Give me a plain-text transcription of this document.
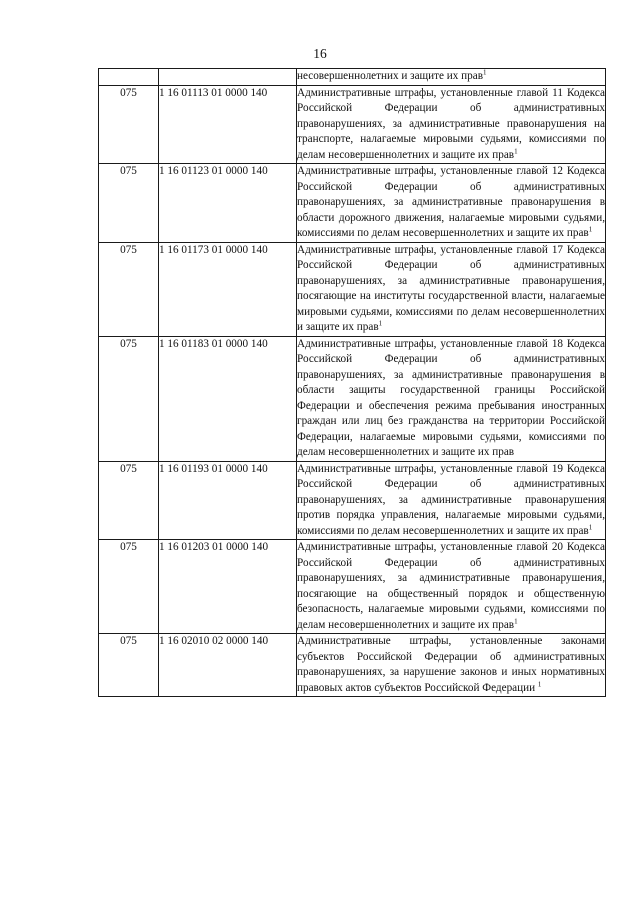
16
		несовершеннолетних и защите их прав$^1$
075	1 16 01113 01 0000 140	Административные штрафы, установленные главой 11 Кодекса Российской Федерации об административных правонарушениях, за административные правонарушения на транспорте, налагаемые мировыми судьями, комиссиями по делам несовершеннолетних и защите их прав$^1$
075	1 16 01123 01 0000 140	Административные штрафы, установленные главой 12 Кодекса Российской Федерации об административных правонарушениях, за административные правонарушения в области дорожного движения, налагаемые мировыми судьями, комиссиями по делам несовершеннолетних и защите их прав$^1$
075	1 16 01173 01 0000 140	Административные штрафы, установленные главой 17 Кодекса Российской Федерации об административных правонарушениях, за административные правонарушения, посягающие на институты государственной власти, налагаемые мировыми судьями, комиссиями по делам несовершеннолетних и защите их прав$^1$
075	1 16 01183 01 0000 140	Административные штрафы, установленные главой 18 Кодекса Российской Федерации об административных правонарушениях, за административные правонарушения в области защиты государственной границы Российской Федерации и обеспечения режима пребывания иностранных граждан или лиц без гражданства на территории Российской Федерации, налагаемые мировыми судьями, комиссиями по делам несовершеннолетних и защите их прав
075	1 16 01193 01 0000 140	Административные штрафы, установленные главой 19 Кодекса Российской Федерации об административных правонарушениях, за административные правонарушения против порядка управления, налагаемые мировыми судьями, комиссиями по делам несовершеннолетних и защите их прав$^1$
075	1 16 01203 01 0000 140	Административные штрафы, установленные главой 20 Кодекса Российской Федерации об административных правонарушениях, за административные правонарушения, посягающие на общественный порядок и общественную безопасность, налагаемые мировыми судьями, комиссиями по делам несовершеннолетних и защите их прав$^1$
075	1 16 02010 02 0000 140	Административные штрафы, установленные законами субъектов Российской Федерации об административных правонарушениях, за нарушение законов и иных нормативных правовых актов субъектов Российской Федерации $^1$
